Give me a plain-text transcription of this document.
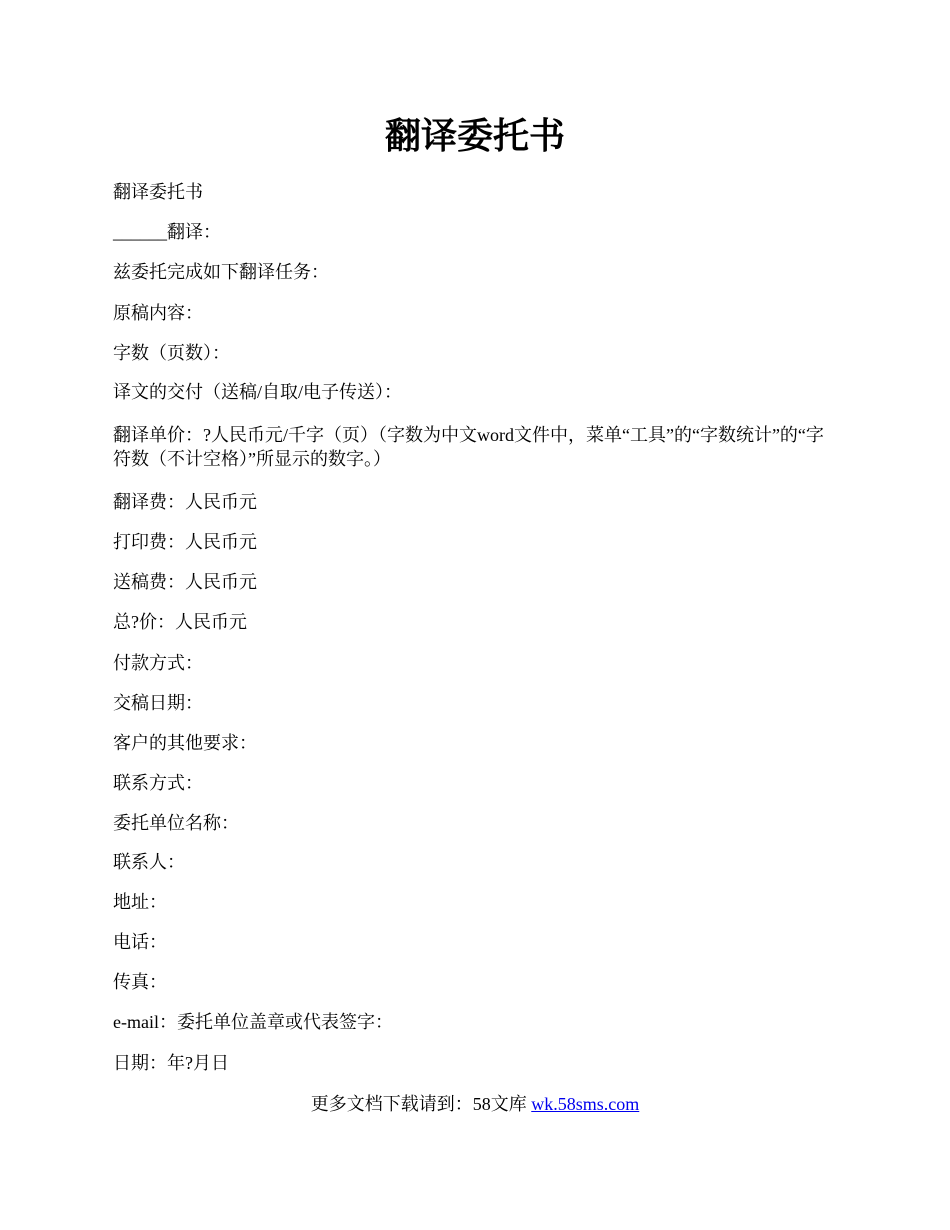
翻译委托书

翻译委托书

______翻译：

兹委托完成如下翻译任务：

原稿内容：

字数（页数）：

译文的交付（送稿/自取/电子传送）：

翻译单价：?人民币元/千字（页）（字数为中文word文件中，菜单“工具”的“字数统计”的“字符数（不计空格）”所显示的数字。）

翻译费：人民币元

打印费：人民币元

送稿费：人民币元

总?价：人民币元

付款方式：

交稿日期：

客户的其他要求：

联系方式：

委托单位名称：

联系人：

地址：

电话：

传真：

e-mail：委托单位盖章或代表签字：

日期：年?月日

更多文档下载请到：58文库 wk.58sms.com
